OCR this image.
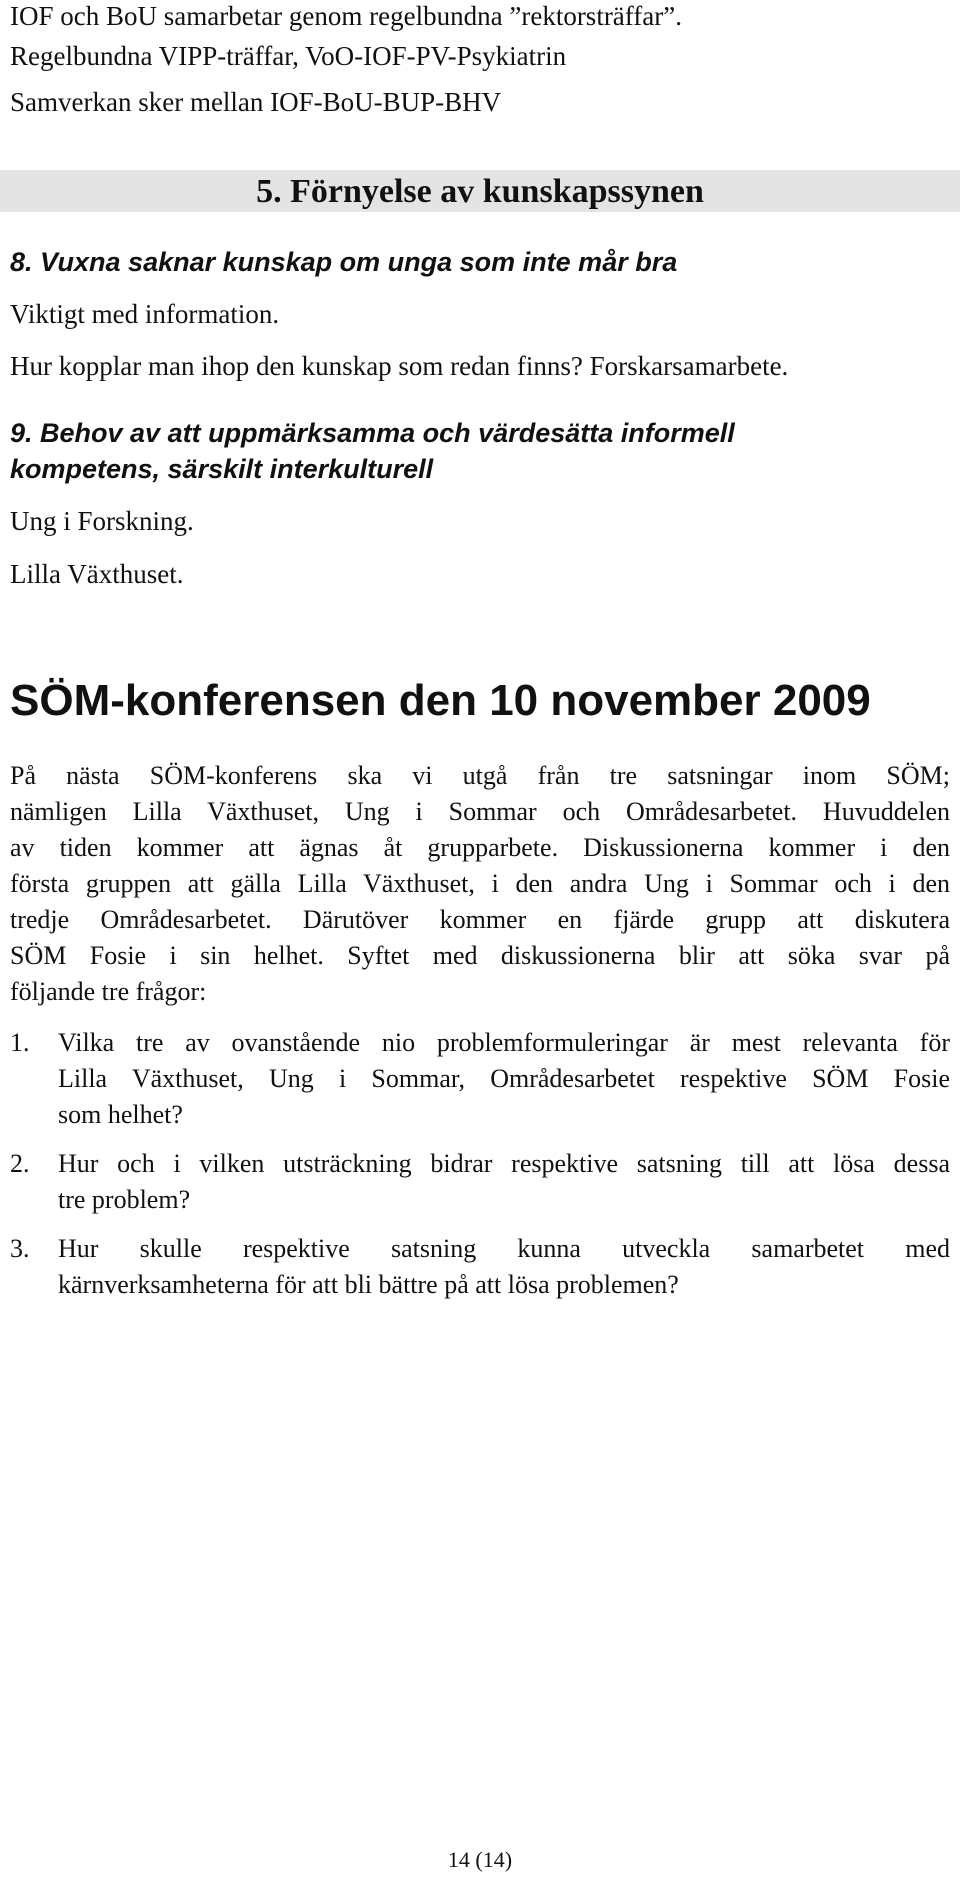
IOF och BoU samarbetar genom regelbundna ”rektorsträffar”.
Regelbundna VIPP-träffar, VoO-IOF-PV-Psykiatrin
Samverkan sker mellan IOF-BoU-BUP-BHV
5. Förnyelse av kunskapssynen
8. Vuxna saknar kunskap om unga som inte mår bra
Viktigt med information.
Hur kopplar man ihop den kunskap som redan finns? Forskarsamarbete.
9. Behov av att uppmärksamma och värdesätta informell
kompetens, särskilt interkulturell
Ung i Forskning.
Lilla Växthuset.
SÖM-konferensen den 10 november 2009
På nästa SÖM-konferens ska vi utgå från tre satsningar inom SÖM;
nämligen Lilla Växthuset, Ung i Sommar och Områdesarbetet. Huvuddelen
av tiden kommer att ägnas åt grupparbete. Diskussionerna kommer i den
första gruppen att gälla Lilla Växthuset, i den andra Ung i Sommar och i den
tredje Områdesarbetet. Därutöver kommer en fjärde grupp att diskutera
SÖM Fosie i sin helhet. Syftet med diskussionerna blir att söka svar på
följande tre frågor:
1. Vilka tre av ovanstående nio problemformuleringar är mest relevanta för
Lilla Växthuset, Ung i Sommar, Områdesarbetet respektive SÖM Fosie
som helhet?
2. Hur och i vilken utsträckning bidrar respektive satsning till att lösa dessa
tre problem?
3. Hur skulle respektive satsning kunna utveckla samarbetet med
kärnverksamheterna för att bli bättre på att lösa problemen?
14 (14)
